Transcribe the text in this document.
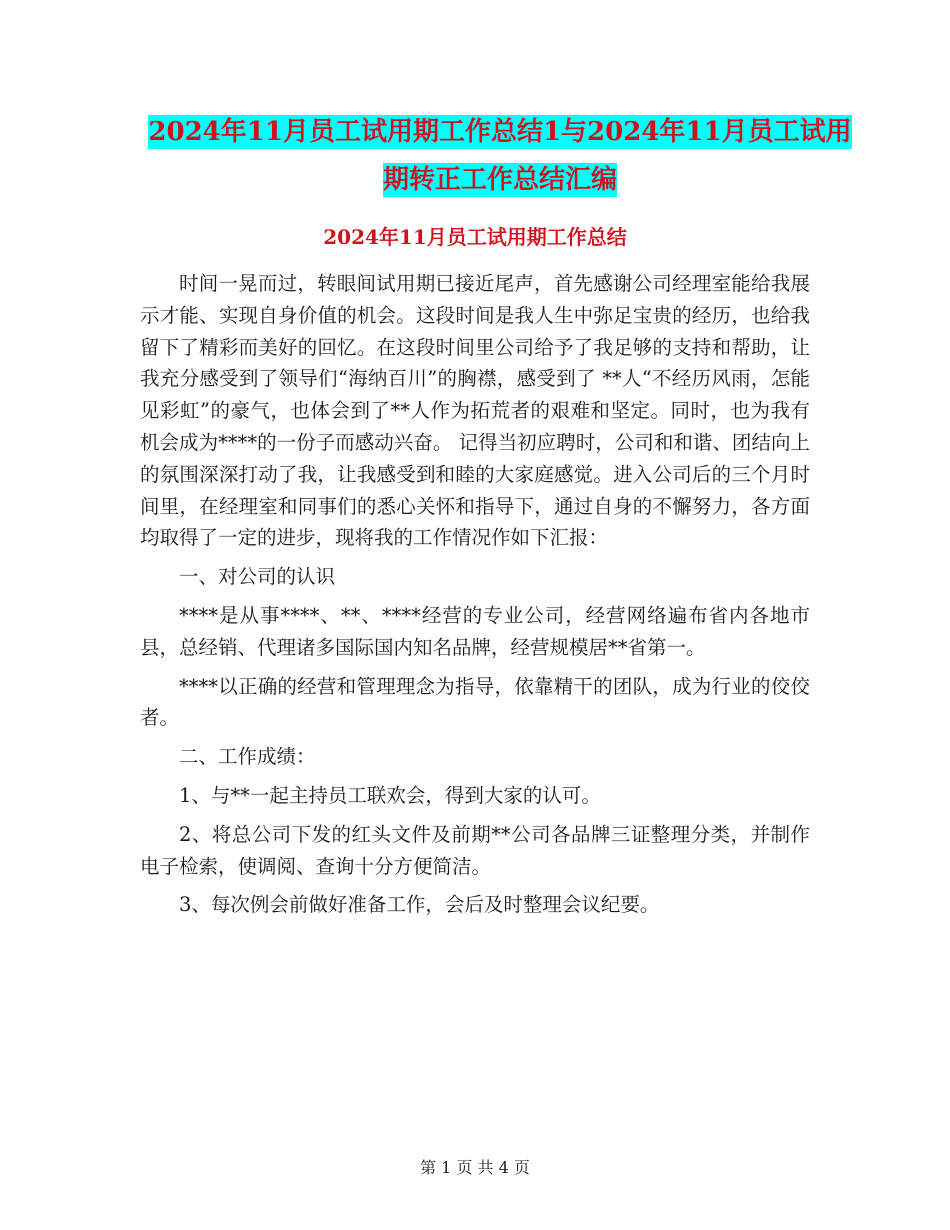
2024年11月员工试用期工作总结1与2024年11月员工试用期转正工作总结汇编
2024年11月员工试用期工作总结

时间一晃而过，转眼间试用期已接近尾声，首先感谢公司经理室能给我展示才能、实现自身价值的机会。这段时间是我人生中弥足宝贵的经历，也给我留下了精彩而美好的回忆。在这段时间里公司给予了我足够的支持和帮助，让我充分感受到了领导们“海纳百川”的胸襟，感受到了 **人“不经历风雨，怎能见彩虹”的豪气，也体会到了**人作为拓荒者的艰难和坚定。同时，也为我有机会成为****的一份子而感动兴奋。 记得当初应聘时，公司和和谐、团结向上的氛围深深打动了我，让我感受到和睦的大家庭感觉。进入公司后的三个月时间里，在经理室和同事们的悉心关怀和指导下，通过自身的不懈努力，各方面均取得了一定的进步，现将我的工作情况作如下汇报：

一、对公司的认识

****是从事****、**、****经营的专业公司，经营网络遍布省内各地市县，总经销、代理诸多国际国内知名品牌，经营规模居**省第一。

****以正确的经营和管理理念为指导，依靠精干的团队，成为行业的佼佼者。

二、工作成绩：

1、与**一起主持员工联欢会，得到大家的认可。

2、将总公司下发的红头文件及前期**公司各品牌三证整理分类，并制作电子检索，使调阅、查询十分方便简洁。

3、每次例会前做好准备工作，会后及时整理会议纪要。

第 1 页 共 4 页
